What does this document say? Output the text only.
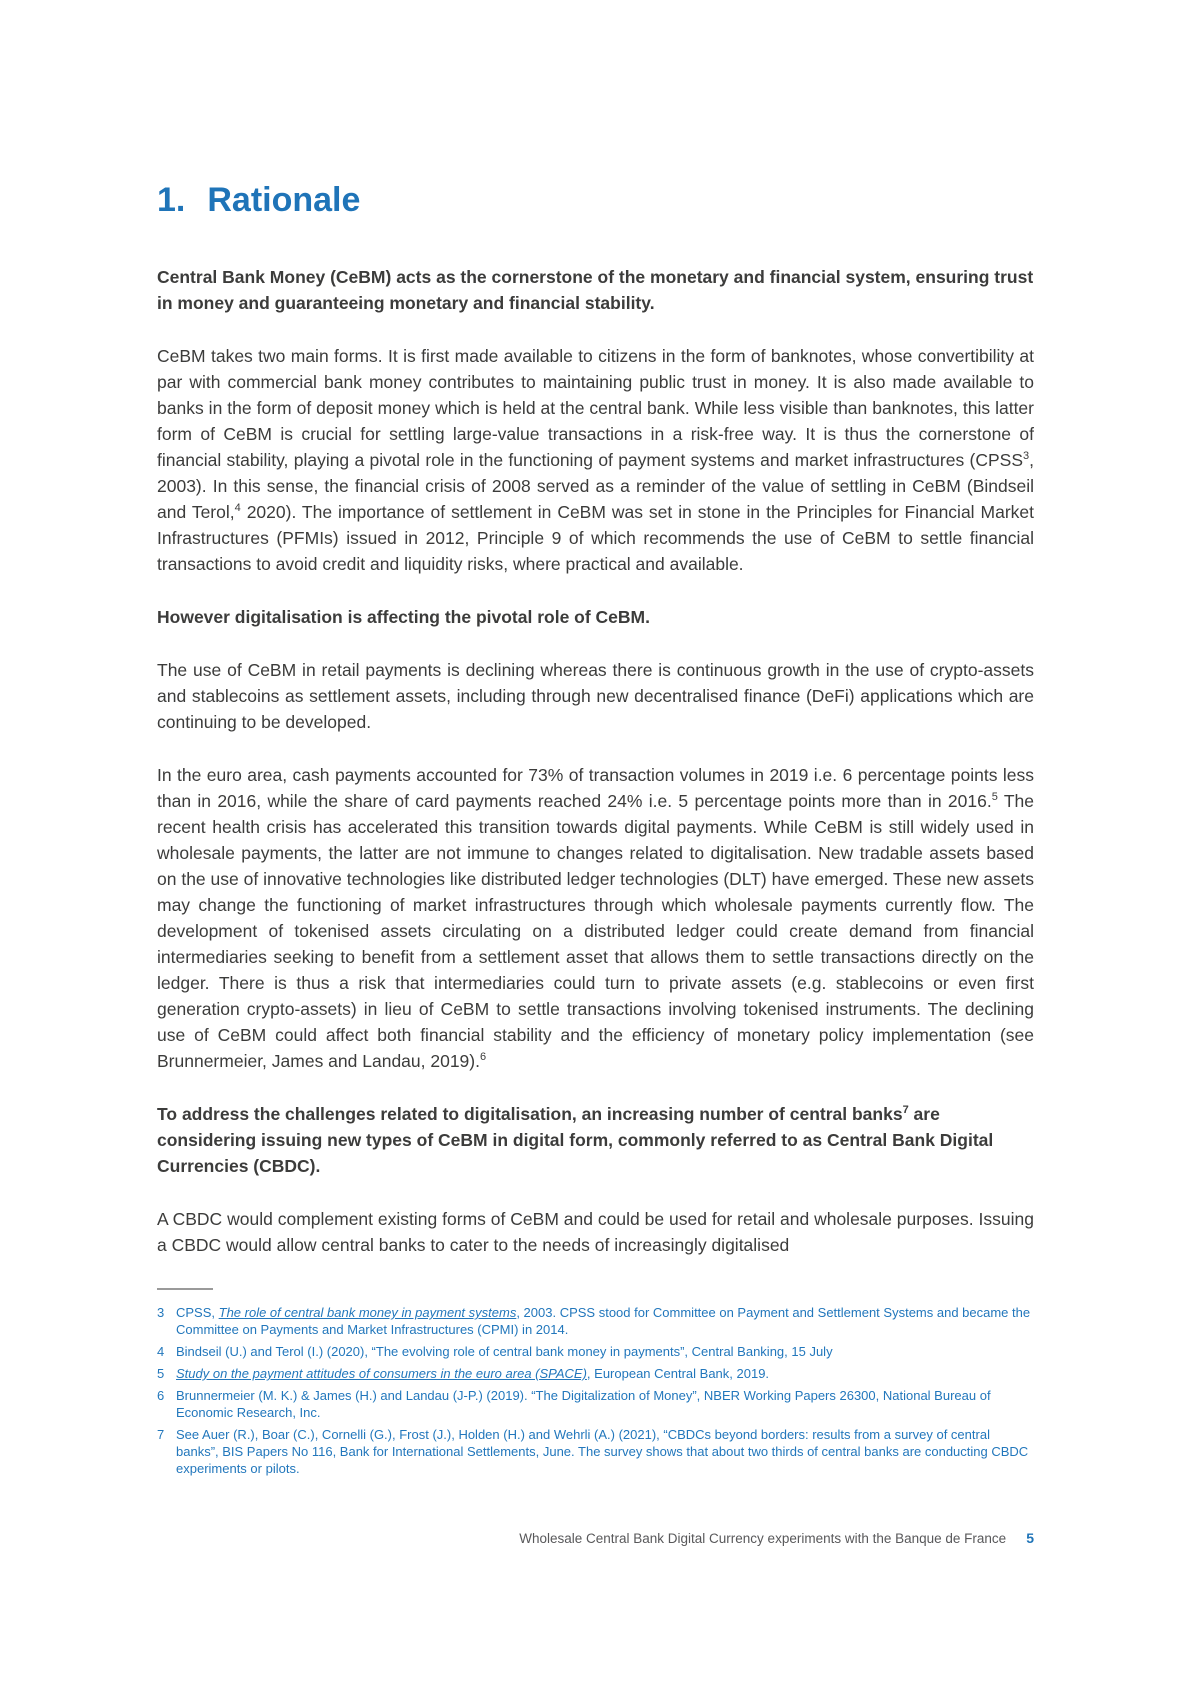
1. Rationale

Central Bank Money (CeBM) acts as the cornerstone of the monetary and financial system, ensuring trust in money and guaranteeing monetary and financial stability.

CeBM takes two main forms. It is first made available to citizens in the form of banknotes, whose convertibility at par with commercial bank money contributes to maintaining public trust in money. It is also made available to banks in the form of deposit money which is held at the central bank. While less visible than banknotes, this latter form of CeBM is crucial for settling large-value transactions in a risk-free way. It is thus the cornerstone of financial stability, playing a pivotal role in the functioning of payment systems and market infrastructures (CPSS$^3$, 2003). In this sense, the financial crisis of 2008 served as a reminder of the value of settling in CeBM (Bindseil and Terol,$^4$ 2020). The importance of settlement in CeBM was set in stone in the Principles for Financial Market Infrastructures (PFMIs) issued in 2012, Principle 9 of which recommends the use of CeBM to settle financial transactions to avoid credit and liquidity risks, where practical and available.

However digitalisation is affecting the pivotal role of CeBM.

The use of CeBM in retail payments is declining whereas there is continuous growth in the use of crypto-assets and stablecoins as settlement assets, including through new decentralised finance (DeFi) applications which are continuing to be developed.

In the euro area, cash payments accounted for 73% of transaction volumes in 2019 i.e. 6 percentage points less than in 2016, while the share of card payments reached 24% i.e. 5 percentage points more than in 2016.$^5$ The recent health crisis has accelerated this transition towards digital payments. While CeBM is still widely used in wholesale payments, the latter are not immune to changes related to digitalisation. New tradable assets based on the use of innovative technologies like distributed ledger technologies (DLT) have emerged. These new assets may change the functioning of market infrastructures through which wholesale payments currently flow. The development of tokenised assets circulating on a distributed ledger could create demand from financial intermediaries seeking to benefit from a settlement asset that allows them to settle transactions directly on the ledger. There is thus a risk that intermediaries could turn to private assets (e.g. stablecoins or even first generation crypto-assets) in lieu of CeBM to settle transactions involving tokenised instruments. The declining use of CeBM could affect both financial stability and the efficiency of monetary policy implementation (see Brunnermeier, James and Landau, 2019).$^6$

To address the challenges related to digitalisation, an increasing number of central banks$^7$ are considering issuing new types of CeBM in digital form, commonly referred to as Central Bank Digital Currencies (CBDC).

A CBDC would complement existing forms of CeBM and could be used for retail and wholesale purposes. Issuing a CBDC would allow central banks to cater to the needs of increasingly digitalised

3 CPSS, The role of central bank money in payment systems, 2003. CPSS stood for Committee on Payment and Settlement Systems and became the Committee on Payments and Market Infrastructures (CPMI) in 2014.
4 Bindseil (U.) and Terol (I.) (2020), “The evolving role of central bank money in payments”, Central Banking, 15 July
5 Study on the payment attitudes of consumers in the euro area (SPACE), European Central Bank, 2019.
6 Brunnermeier (M. K.) & James (H.) and Landau (J-P.) (2019). “The Digitalization of Money”, NBER Working Papers 26300, National Bureau of Economic Research, Inc.
7 See Auer (R.), Boar (C.), Cornelli (G.), Frost (J.), Holden (H.) and Wehrli (A.) (2021), “CBDCs beyond borders: results from a survey of central banks”, BIS Papers No 116, Bank for International Settlements, June. The survey shows that about two thirds of central banks are conducting CBDC experiments or pilots.
Wholesale Central Bank Digital Currency experiments with the Banque de France 5
